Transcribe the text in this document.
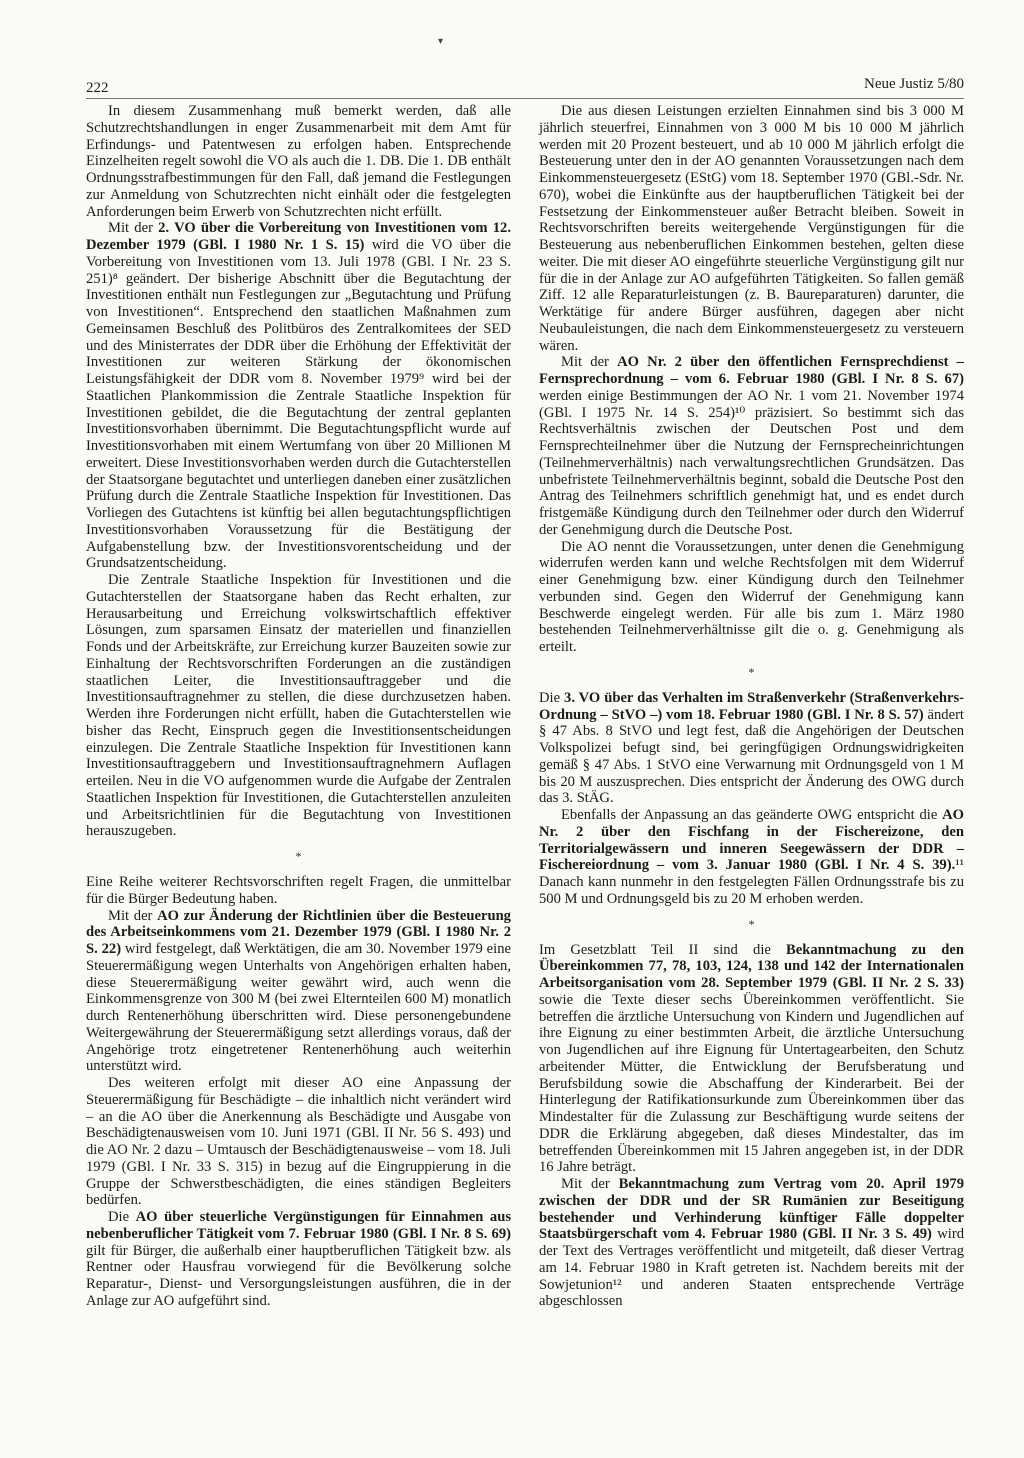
▾
222	Neue Justiz 5/80

In diesem Zusammenhang muß bemerkt werden, daß alle Schutzrechtshandlungen in enger Zusammenarbeit mit dem Amt für Erfindungs- und Patentwesen zu erfolgen haben. Entsprechende Einzelheiten regelt sowohl die VO als auch die 1. DB. Die 1. DB enthält Ordnungsstrafbestimmungen für den Fall, daß jemand die Festlegungen zur Anmeldung von Schutzrechten nicht einhält oder die festgelegten Anforderungen beim Erwerb von Schutzrechten nicht erfüllt.

Mit der 2. VO über die Vorbereitung von Investitionen vom 12. Dezember 1979 (GBl. I 1980 Nr. 1 S. 15) wird die VO über die Vorbereitung von Investitionen vom 13. Juli 1978 (GBl. I Nr. 23 S. 251)⁸ geändert. Der bisherige Abschnitt über die Begutachtung der Investitionen enthält nun Festlegungen zur „Begutachtung und Prüfung von Investitionen“. Entsprechend den staatlichen Maßnahmen zum Gemeinsamen Beschluß des Politbüros des Zentralkomitees der SED und des Ministerrates der DDR über die Erhöhung der Effektivität der Investitionen zur weiteren Stärkung der ökonomischen Leistungsfähigkeit der DDR vom 8. November 1979⁹ wird bei der Staatlichen Plankommission die Zentrale Staatliche Inspektion für Investitionen gebildet, die die Begutachtung der zentral geplanten Investitionsvorhaben übernimmt. Die Begutachtungspflicht wurde auf Investitionsvorhaben mit einem Wertumfang von über 20 Millionen M erweitert. Diese Investitionsvorhaben werden durch die Gutachterstellen der Staatsorgane begutachtet und unterliegen daneben einer zusätzlichen Prüfung durch die Zentrale Staatliche Inspektion für Investitionen. Das Vorliegen des Gutachtens ist künftig bei allen begutachtungspflichtigen Investitionsvorhaben Voraussetzung für die Bestätigung der Aufgabenstellung bzw. der Investitionsvorentscheidung und der Grundsatzentscheidung.

Die Zentrale Staatliche Inspektion für Investitionen und die Gutachterstellen der Staatsorgane haben das Recht erhalten, zur Herausarbeitung und Erreichung volkswirtschaftlich effektiver Lösungen, zum sparsamen Einsatz der materiellen und finanziellen Fonds und der Arbeitskräfte, zur Erreichung kurzer Bauzeiten sowie zur Einhaltung der Rechtsvorschriften Forderungen an die zuständigen staatlichen Leiter, die Investitionsauftraggeber und die Investitionsauftragnehmer zu stellen, die diese durchzusetzen haben. Werden ihre Forderungen nicht erfüllt, haben die Gutachterstellen wie bisher das Recht, Einspruch gegen die Investitionsentscheidungen einzulegen. Die Zentrale Staatliche Inspektion für Investitionen kann Investitionsauftraggebern und Investitionsauftragnehmern Auflagen erteilen. Neu in die VO aufgenommen wurde die Aufgabe der Zentralen Staatlichen Inspektion für Investitionen, die Gutachterstellen anzuleiten und Arbeitsrichtlinien für die Begutachtung von Investitionen herauszugeben.

*

Eine Reihe weiterer Rechtsvorschriften regelt Fragen, die unmittelbar für die Bürger Bedeutung haben.

Mit der AO zur Änderung der Richtlinien über die Besteuerung des Arbeitseinkommens vom 21. Dezember 1979 (GBl. I 1980 Nr. 2 S. 22) wird festgelegt, daß Werktätigen, die am 30. November 1979 eine Steuerermäßigung wegen Unterhalts von Angehörigen erhalten haben, diese Steuerermäßigung weiter gewährt wird, auch wenn die Einkommensgrenze von 300 M (bei zwei Elternteilen 600 M) monatlich durch Rentenerhöhung überschritten wird. Diese personengebundene Weitergewährung der Steuerermäßigung setzt allerdings voraus, daß der Angehörige trotz eingetretener Rentenerhöhung auch weiterhin unterstützt wird.

Des weiteren erfolgt mit dieser AO eine Anpassung der Steuerermäßigung für Beschädigte – die inhaltlich nicht verändert wird – an die AO über die Anerkennung als Beschädigte und Ausgabe von Beschädigtenausweisen vom 10. Juni 1971 (GBl. II Nr. 56 S. 493) und die AO Nr. 2 dazu – Umtausch der Beschädigtenausweise – vom 18. Juli 1979 (GBl. I Nr. 33 S. 315) in bezug auf die Eingruppierung in die Gruppe der Schwerstbeschädigten, die eines ständigen Begleiters bedürfen.

Die AO über steuerliche Vergünstigungen für Einnahmen aus nebenberuflicher Tätigkeit vom 7. Februar 1980 (GBl. I Nr. 8 S. 69) gilt für Bürger, die außerhalb einer hauptberuflichen Tätigkeit bzw. als Rentner oder Hausfrau vorwiegend für die Bevölkerung solche Reparatur-, Dienst- und Versorgungsleistungen ausführen, die in der Anlage zur AO aufgeführt sind.

Die aus diesen Leistungen erzielten Einnahmen sind bis 3 000 M jährlich steuerfrei, Einnahmen von 3 000 M bis 10 000 M jährlich werden mit 20 Prozent besteuert, und ab 10 000 M jährlich erfolgt die Besteuerung unter den in der AO genannten Voraussetzungen nach dem Einkommensteuergesetz (EStG) vom 18. September 1970 (GBl.-Sdr. Nr. 670), wobei die Einkünfte aus der hauptberuflichen Tätigkeit bei der Festsetzung der Einkommensteuer außer Betracht bleiben. Soweit in Rechtsvorschriften bereits weitergehende Vergünstigungen für die Besteuerung aus nebenberuflichen Einkommen bestehen, gelten diese weiter. Die mit dieser AO eingeführte steuerliche Vergünstigung gilt nur für die in der Anlage zur AO aufgeführten Tätigkeiten. So fallen gemäß Ziff. 12 alle Reparaturleistungen (z. B. Baureparaturen) darunter, die Werktätige für andere Bürger ausführen, dagegen aber nicht Neubauleistungen, die nach dem Einkommensteuergesetz zu versteuern wären.

Mit der AO Nr. 2 über den öffentlichen Fernsprechdienst – Fernsprechordnung – vom 6. Februar 1980 (GBl. I Nr. 8 S. 67) werden einige Bestimmungen der AO Nr. 1 vom 21. November 1974 (GBl. I 1975 Nr. 14 S. 254)¹⁰ präzisiert. So bestimmt sich das Rechtsverhältnis zwischen der Deutschen Post und dem Fernsprechteilnehmer über die Nutzung der Fernsprecheinrichtungen (Teilnehmerverhältnis) nach verwaltungsrechtlichen Grundsätzen. Das unbefristete Teilnehmerverhältnis beginnt, sobald die Deutsche Post den Antrag des Teilnehmers schriftlich genehmigt hat, und es endet durch fristgemäße Kündigung durch den Teilnehmer oder durch den Widerruf der Genehmigung durch die Deutsche Post.

Die AO nennt die Voraussetzungen, unter denen die Genehmigung widerrufen werden kann und welche Rechtsfolgen mit dem Widerruf einer Genehmigung bzw. einer Kündigung durch den Teilnehmer verbunden sind. Gegen den Widerruf der Genehmigung kann Beschwerde eingelegt werden. Für alle bis zum 1. März 1980 bestehenden Teilnehmerverhältnisse gilt die o. g. Genehmigung als erteilt.

*

Die 3. VO über das Verhalten im Straßenverkehr (Straßenverkehrs-Ordnung – StVO –) vom 18. Februar 1980 (GBl. I Nr. 8 S. 57) ändert § 47 Abs. 8 StVO und legt fest, daß die Angehörigen der Deutschen Volkspolizei befugt sind, bei geringfügigen Ordnungswidrigkeiten gemäß § 47 Abs. 1 StVO eine Verwarnung mit Ordnungsgeld von 1 M bis 20 M auszusprechen. Dies entspricht der Änderung des OWG durch das 3. StÄG.

Ebenfalls der Anpassung an das geänderte OWG entspricht die AO Nr. 2 über den Fischfang in der Fischereizone, den Territorialgewässern und inneren Seegewässern der DDR – Fischereiordnung – vom 3. Januar 1980 (GBl. I Nr. 4 S. 39).¹¹ Danach kann nunmehr in den festgelegten Fällen Ordnungsstrafe bis zu 500 M und Ordnungsgeld bis zu 20 M erhoben werden.

*

Im Gesetzblatt Teil II sind die Bekanntmachung zu den Übereinkommen 77, 78, 103, 124, 138 und 142 der Internationalen Arbeitsorganisation vom 28. September 1979 (GBl. II Nr. 2 S. 33) sowie die Texte dieser sechs Übereinkommen veröffentlicht. Sie betreffen die ärztliche Untersuchung von Kindern und Jugendlichen auf ihre Eignung zu einer bestimmten Arbeit, die ärztliche Untersuchung von Jugendlichen auf ihre Eignung für Untertagearbeiten, den Schutz arbeitender Mütter, die Entwicklung der Berufsberatung und Berufsbildung sowie die Abschaffung der Kinderarbeit. Bei der Hinterlegung der Ratifikationsurkunde zum Übereinkommen über das Mindestalter für die Zulassung zur Beschäftigung wurde seitens der DDR die Erklärung abgegeben, daß dieses Mindestalter, das im betreffenden Übereinkommen mit 15 Jahren angegeben ist, in der DDR 16 Jahre beträgt.

Mit der Bekanntmachung zum Vertrag vom 20. April 1979 zwischen der DDR und der SR Rumänien zur Beseitigung bestehender und Verhinderung künftiger Fälle doppelter Staatsbürgerschaft vom 4. Februar 1980 (GBl. II Nr. 3 S. 49) wird der Text des Vertrages veröffentlicht und mitgeteilt, daß dieser Vertrag am 14. Februar 1980 in Kraft getreten ist. Nachdem bereits mit der Sowjetunion¹² und anderen Staaten entsprechende Verträge abgeschlossen
